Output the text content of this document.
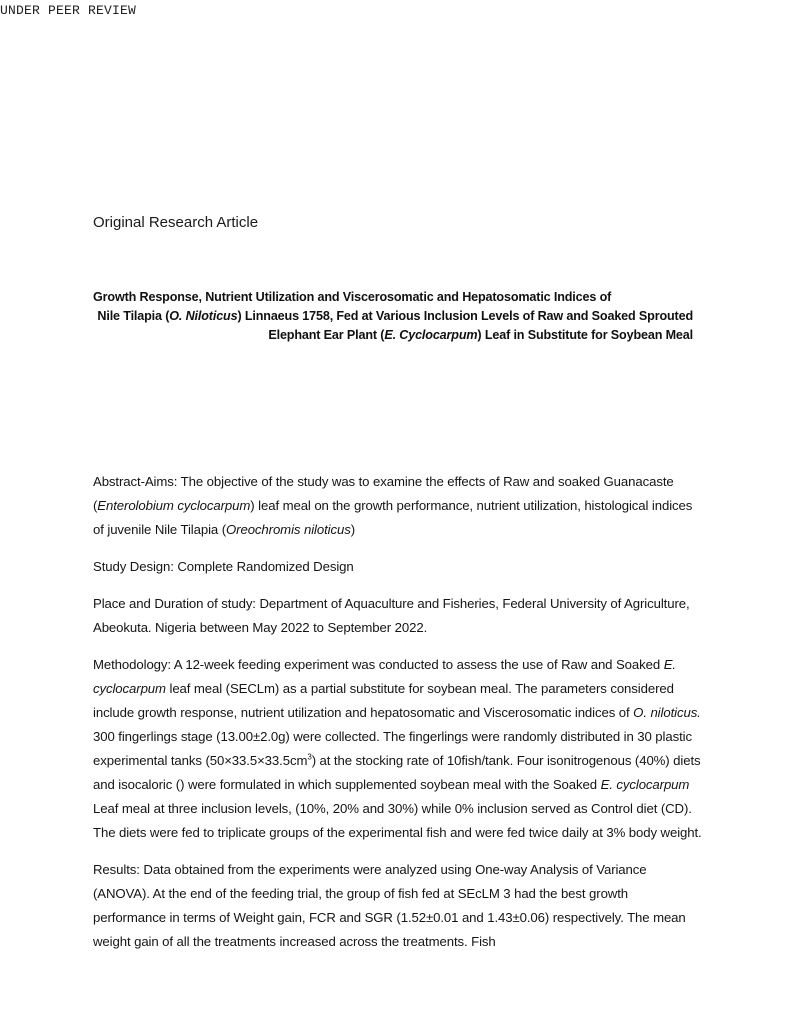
UNDER PEER REVIEW
Original Research Article
Growth Response, Nutrient Utilization and Viscerosomatic and Hepatosomatic Indices of
Nile Tilapia (O. Niloticus) Linnaeus 1758, Fed at Various Inclusion Levels of Raw and Soaked Sprouted Elephant Ear Plant (E. Cyclocarpum) Leaf in Substitute for Soybean Meal

Abstract-Aims: The objective of the study was to examine the effects of Raw and soaked Guanacaste (Enterolobium cyclocarpum) leaf meal on the growth performance, nutrient utilization, histological indices of juvenile Nile Tilapia (Oreochromis niloticus)

Study Design: Complete Randomized Design

Place and Duration of study: Department of Aquaculture and Fisheries, Federal University of Agriculture, Abeokuta. Nigeria between May 2022 to September 2022.

Methodology: A 12-week feeding experiment was conducted to assess the use of Raw and Soaked E. cyclocarpum leaf meal (SECLm) as a partial substitute for soybean meal. The parameters considered include growth response, nutrient utilization and hepatosomatic and Viscerosomatic indices of O. niloticus. 300 fingerlings stage (13.00±2.0g) were collected. The fingerlings were randomly distributed in 30 plastic experimental tanks $(50\times 33.5\times 33.5cm^3)$ at the stocking rate of 10fish/tank. Four isonitrogenous (40%) diets and isocaloric () were formulated in which supplemented soybean meal with the Soaked E. cyclocarpum Leaf meal at three inclusion levels, (10%, 20% and 30%) while 0% inclusion served as Control diet (CD). The diets were fed to triplicate groups of the experimental fish and were fed twice daily at 3% body weight.

Results: Data obtained from the experiments were analyzed using One-way Analysis of Variance (ANOVA). At the end of the feeding trial, the group of fish fed at SEcLM 3 had the best growth performance in terms of Weight gain, FCR and SGR (1.52±0.01 and 1.43±0.06) respectively. The mean weight gain of all the treatments increased across the treatments. Fish
